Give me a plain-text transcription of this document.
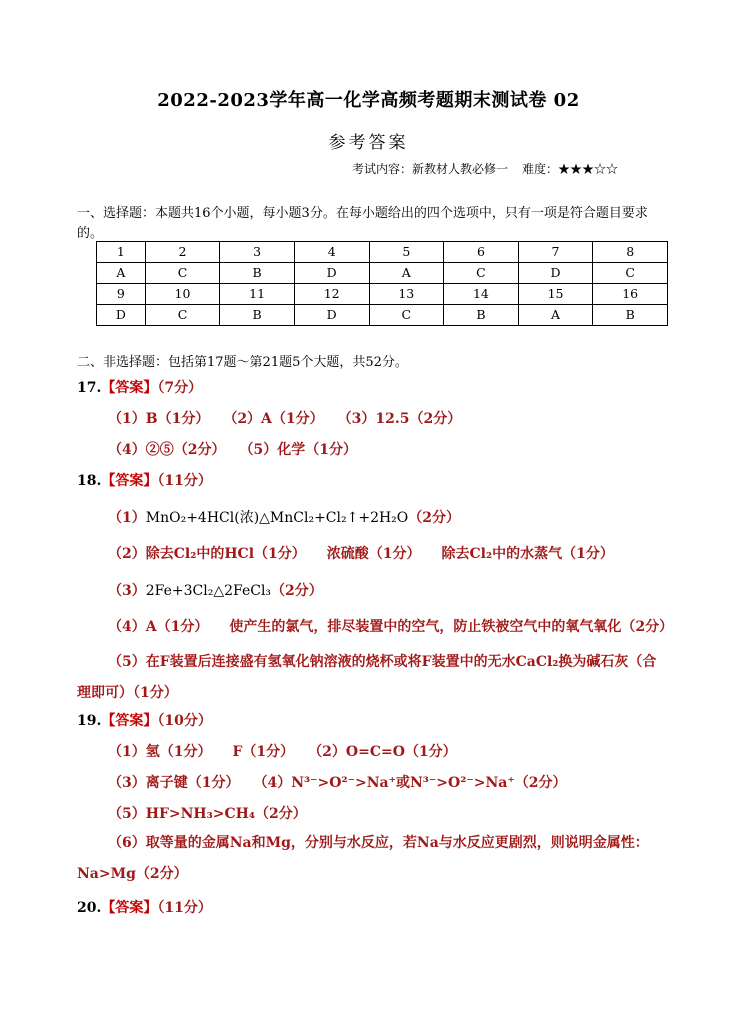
2022-2023学年高一化学高频考题期末测试卷 02
参考答案
考试内容：新教材人教必修一 难度：★★★☆☆
一、选择题：本题共16个小题，每小题3分。在每小题给出的四个选项中，只有一项是符合题目要求的。
1	2	3	4	5	6	7	8
A	C	B	D	A	C	D	C
9	10	11	12	13	14	15	16
D	C	B	D	C	B	A	B
二、非选择题：包括第17题～第21题5个大题，共52分。
17.【答案】（7分）
（1）B（1分）　　（2）A（1分）　　（3）12.5（2分）
（4）②⑤（2分）　　（5）化学（1分）
18.【答案】（11分）
（1）MnO₂+4HCl(浓)△MnCl₂+Cl₂↑+2H₂O（2分）
（2）除去Cl₂中的HCl（1分）　　浓硫酸（1分）　　除去Cl₂中的水蒸气（1分）
（3）2Fe+3Cl₂△2FeCl₃（2分）
（4）A（1分）　　使产生的氯气，排尽装置中的空气，防止铁被空气中的氧气氧化（2分）
（5）在F装置后连接盛有氢氧化钠溶液的烧杯或将F装置中的无水CaCl₂换为碱石灰（合理即可）（1分）
19.【答案】（10分）
（1）氢（1分）　　F（1分）　　（2）O=C=O（1分）
（3）离子键（1分）　　（4）N³⁻>O²⁻>Na⁺或N³⁻>O²⁻>Na⁺（2分）
（5）HF>NH₃>CH₄（2分）
（6）取等量的金属Na和Mg，分别与水反应，若Na与水反应更剧烈，则说明金属性：Na>Mg（2分）
20.【答案】（11分）
